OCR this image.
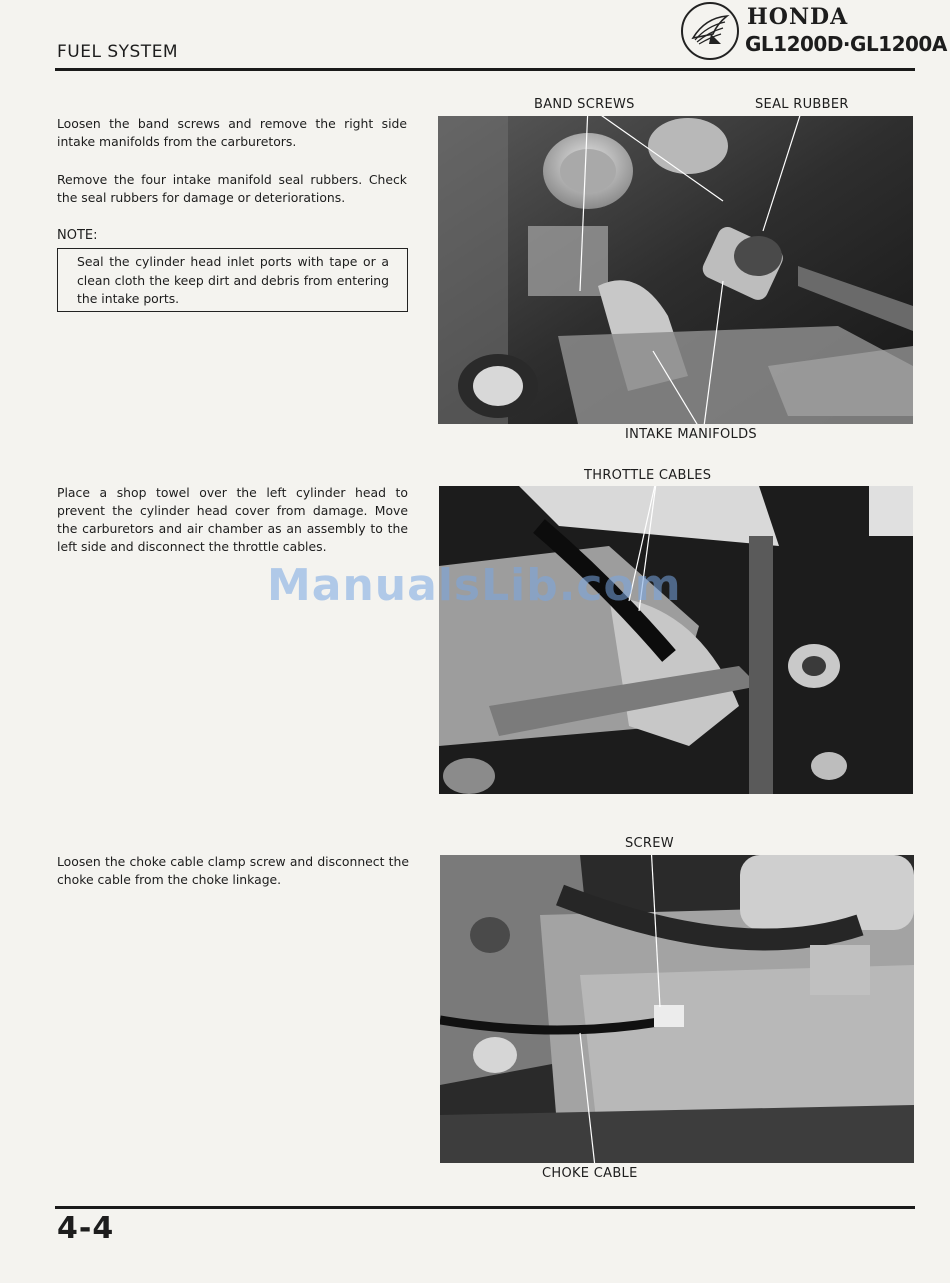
FUEL SYSTEM
HONDA
GL1200D·GL1200A

Loosen the band screws and remove the right side intake manifolds from the carburetors.

Remove the four intake manifold seal rubbers. Check the seal rubbers for damage or deteriorations.

NOTE:
Seal the cylinder head inlet ports with tape or a clean cloth the keep dirt and debris from entering the intake ports.
BAND SCREWS	SEAL RUBBER
INTAKE MANIFOLDS

Place a shop towel over the left cylinder head to prevent the cylinder head cover from damage. Move the carburetors and air chamber as an assembly to the left side and disconnect the throttle cables.

THROTTLE CABLES

Loosen the choke cable clamp screw and disconnect the choke cable from the choke linkage.

SCREW
CHOKE CABLE
ManualsLib.com
4-4
